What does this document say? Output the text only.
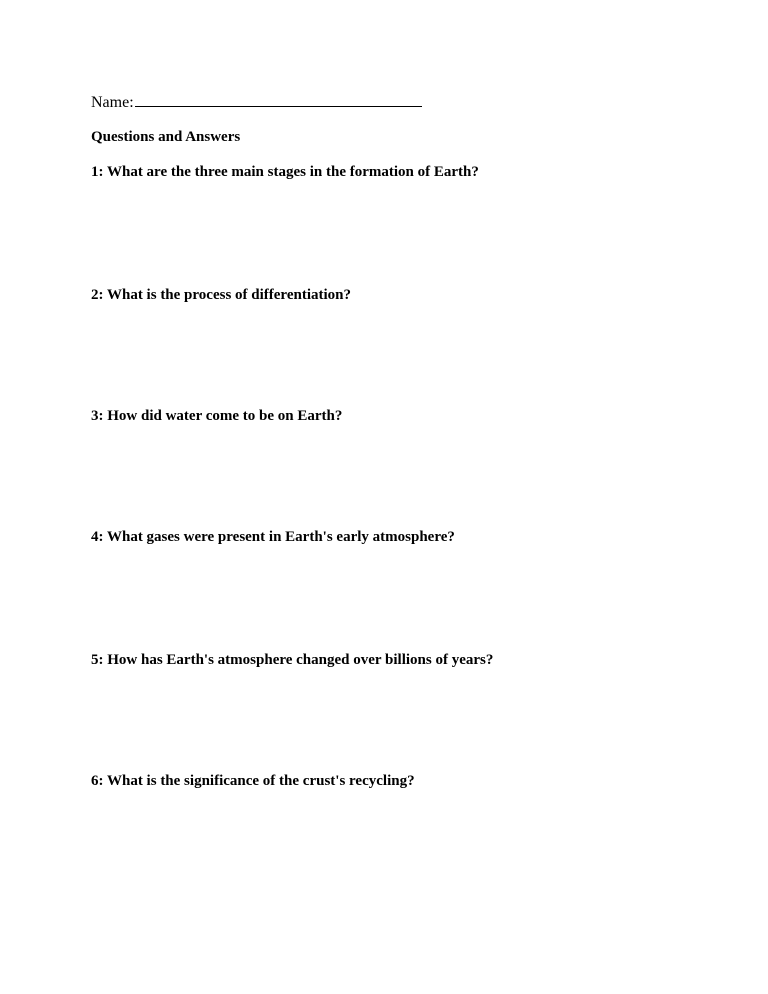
Name:
Questions and Answers
1: What are the three main stages in the formation of Earth?
2: What is the process of differentiation?
3: How did water come to be on Earth?
4: What gases were present in Earth's early atmosphere?
5: How has Earth's atmosphere changed over billions of years?
6: What is the significance of the crust's recycling?
